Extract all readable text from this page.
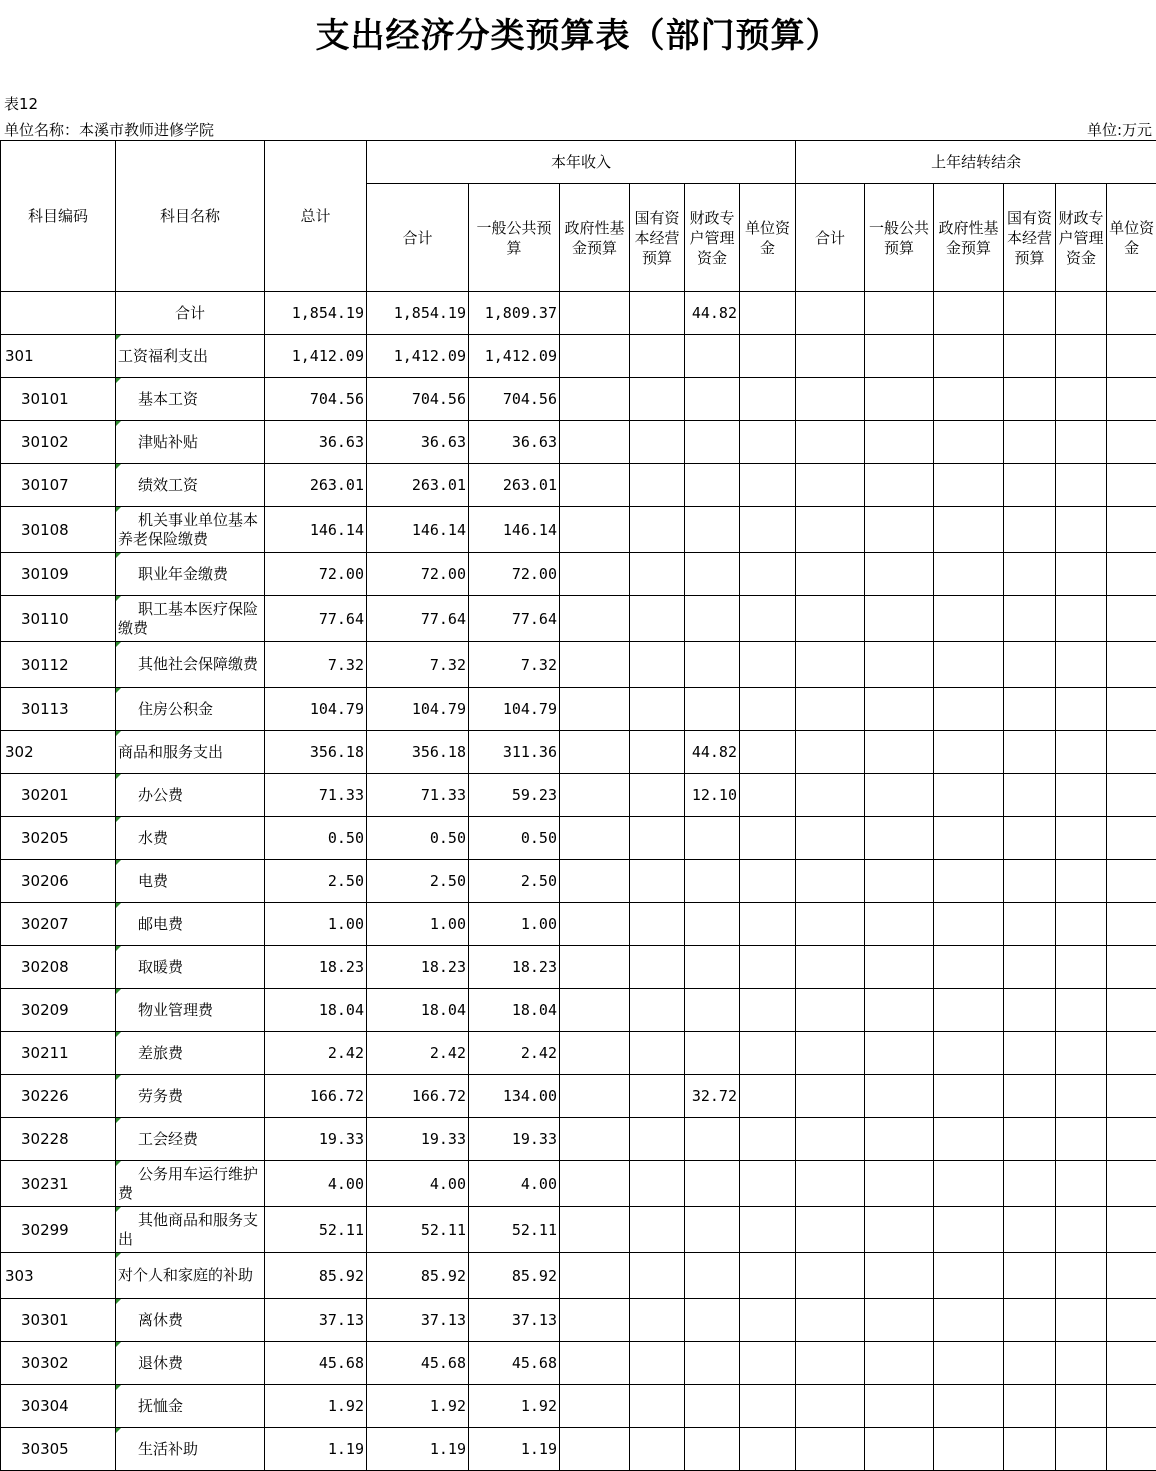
支出经济分类预算表（部门预算）
表12
单位名称：本溪市教师进修学院	单位:万元
科目编码	科目名称	总计	本年收入						上年结转结余					
			合计	一般公共预算	政府性基金预算	国有资本经营预算	财政专户管理资金	单位资金	合计	一般公共预算	政府性基金预算	国有资本经营预算	财政专户管理资金	单位资金
	合计	1,854.19	1,854.19	1,809.37			44.82							
301	工资福利支出	1,412.09	1,412.09	1,412.09										
30101	基本工资	704.56	704.56	704.56										
30102	津贴补贴	36.63	36.63	36.63										
30107	绩效工资	263.01	263.01	263.01										
30108	机关事业单位基本养老保险缴费	146.14	146.14	146.14										
30109	职业年金缴费	72.00	72.00	72.00										
30110	职工基本医疗保险缴费	77.64	77.64	77.64										
30112	其他社会保障缴费	7.32	7.32	7.32										
30113	住房公积金	104.79	104.79	104.79										
302	商品和服务支出	356.18	356.18	311.36			44.82							
30201	办公费	71.33	71.33	59.23			12.10							
30205	水费	0.50	0.50	0.50										
30206	电费	2.50	2.50	2.50										
30207	邮电费	1.00	1.00	1.00										
30208	取暖费	18.23	18.23	18.23										
30209	物业管理费	18.04	18.04	18.04										
30211	差旅费	2.42	2.42	2.42										
30226	劳务费	166.72	166.72	134.00			32.72							
30228	工会经费	19.33	19.33	19.33										
30231	公务用车运行维护费	4.00	4.00	4.00										
30299	其他商品和服务支出	52.11	52.11	52.11										
303	对个人和家庭的补助	85.92	85.92	85.92										
30301	离休费	37.13	37.13	37.13										
30302	退休费	45.68	45.68	45.68										
30304	抚恤金	1.92	1.92	1.92										
30305	生活补助	1.19	1.19	1.19										
